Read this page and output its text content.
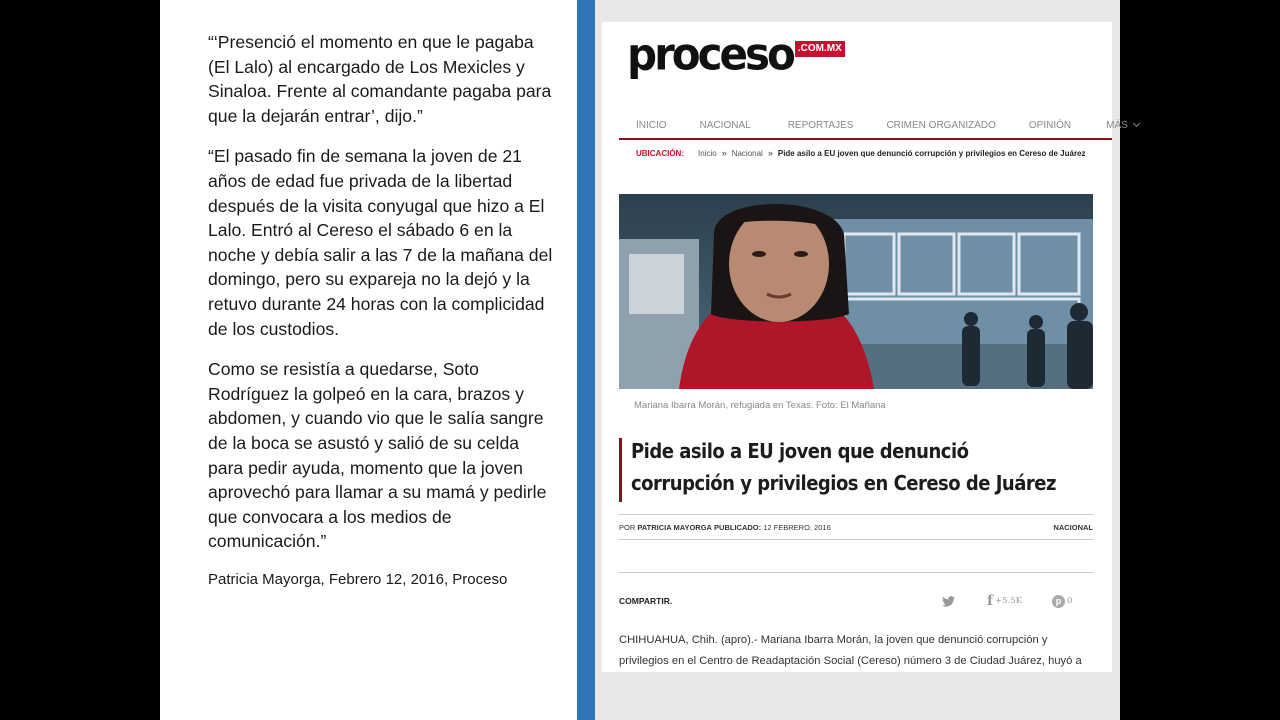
“‘Presenció el momento en que le pagaba (El Lalo) al encargado de Los Mexicles y Sinaloa. Frente al comandante pagaba para que la dejarán entrar’, dijo.”

“El pasado fin de semana la joven de 21 años de edad fue privada de la libertad después de la visita conyugal que hizo a El Lalo. Entró al Cereso el sábado 6 en la noche y debía salir a las 7 de la mañana del domingo, pero su expareja no la dejó y la retuvo durante 24 horas con la complicidad de los custodios.

Como se resistía a quedarse, Soto Rodríguez la golpeó en la cara, brazos y abdomen, y cuando vio que le salía sangre de la boca se asustó y salió de su celda para pedir ayuda, momento que la joven aprovechó para llamar a su mamá y pedirle que convocara a los medios de comunicación.”

Patricia Mayorga, Febrero 12, 2016, Proceso

proceso .COM.MX
INICIO	NACIONAL	REPORTAJES	CRIMEN ORGANIZADO	OPINIÓN	MÁS
UBICACIÓN: Inicio » Nacional » Pide asilo a EU joven que denunció corrupción y privilegios en Cereso de Juárez
Mariana Ibarra Morán, refugiada en Texas. Foto: El Mañana
Pide asilo a EU joven que denunció corrupción y privilegios en Cereso de Juárez
POR PATRICIA MAYORGA PUBLICADO: 12 FEBRERO, 2016	NACIONAL
COMPARTIR.	f +5.5K	p 0

CHIHUAHUA, Chih. (apro).- Mariana Ibarra Morán, la joven que denunció corrupción y privilegios en el Centro de Readaptación Social (Cereso) número 3 de Ciudad Juárez, huyó a
